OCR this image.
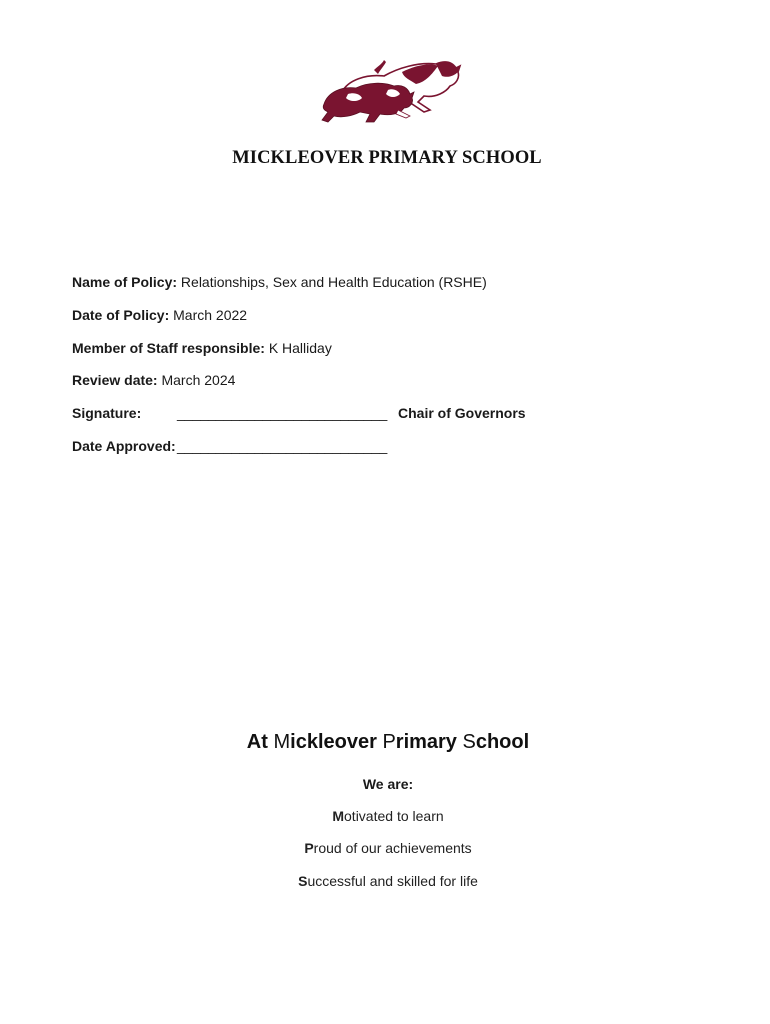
MICKLEOVER PRIMARY SCHOOL
Name of Policy: Relationships, Sex and Health Education (RSHE)
Date of Policy: March 2022
Member of Staff responsible: K Halliday
Review date: March 2024
Signature:	___________________________ Chair of Governors
Date Approved: ___________________________
At Mickleover Primary School
We are:
Motivated to learn
Proud of our achievements
Successful and skilled for life
